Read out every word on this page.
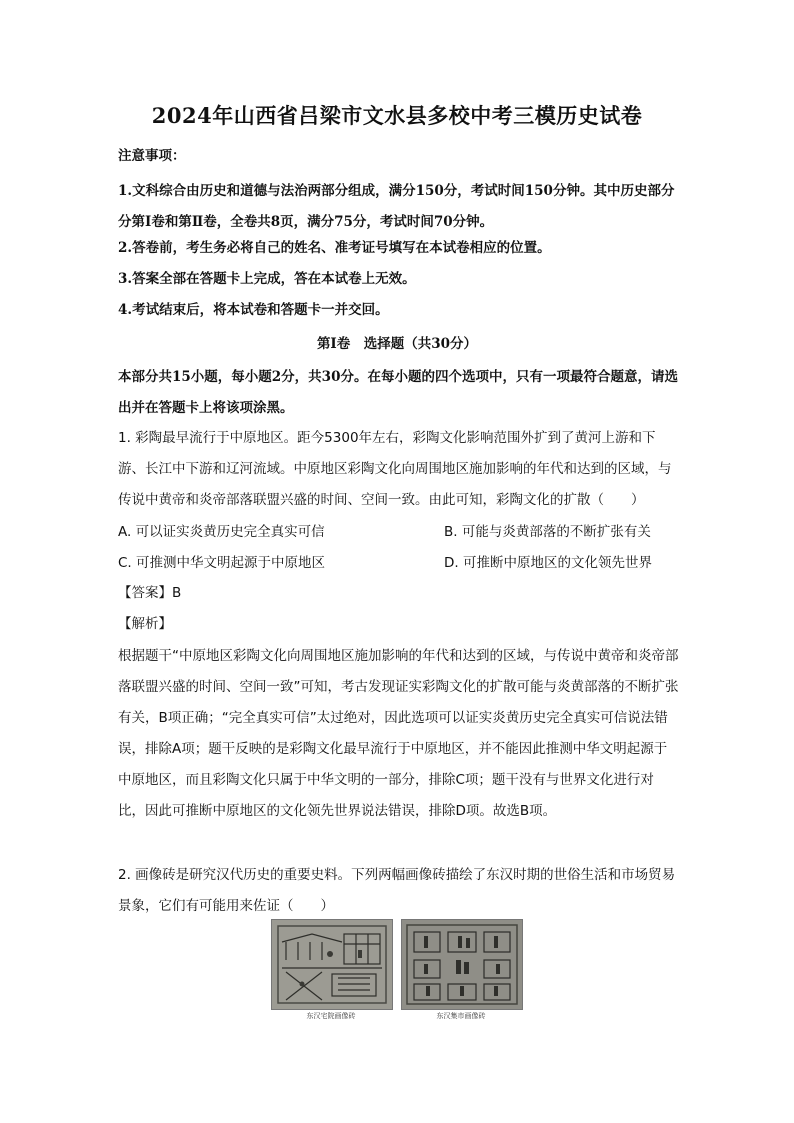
2024年山西省吕梁市文水县多校中考三模历史试卷
注意事项：
1.文科综合由历史和道德与法治两部分组成，满分150分，考试时间150分钟。其中历史部分分第Ⅰ卷和第Ⅱ卷，全卷共8页，满分75分，考试时间70分钟。
2.答卷前，考生务必将自己的姓名、准考证号填写在本试卷相应的位置。
3.答案全部在答题卡上完成，答在本试卷上无效。
4.考试结束后，将本试卷和答题卡一并交回。
第Ⅰ卷　选择题（共30分）
本部分共15小题，每小题2分，共30分。在每小题的四个选项中，只有一项最符合题意，请选出并在答题卡上将该项涂黑。
1. 彩陶最早流行于中原地区。距今5300年左右，彩陶文化影响范围外扩到了黄河上游和下游、长江中下游和辽河流域。中原地区彩陶文化向周围地区施加影响的年代和达到的区域，与传说中黄帝和炎帝部落联盟兴盛的时间、空间一致。由此可知，彩陶文化的扩散（　　）
A. 可以证实炎黄历史完全真实可信	B. 可能与炎黄部落的不断扩张有关
C. 可推测中华文明起源于中原地区	D. 可推断中原地区的文化领先世界
【答案】B
【解析】
根据题干“中原地区彩陶文化向周围地区施加影响的年代和达到的区域，与传说中黄帝和炎帝部落联盟兴盛的时间、空间一致”可知，考古发现证实彩陶文化的扩散可能与炎黄部落的不断扩张有关，B项正确；“完全真实可信”太过绝对，因此选项可以证实炎黄历史完全真实可信说法错误，排除A项；题干反映的是彩陶文化最早流行于中原地区，并不能因此推测中华文明起源于中原地区，而且彩陶文化只属于中华文明的一部分，排除C项；题干没有与世界文化进行对比，因此可推断中原地区的文化领先世界说法错误，排除D项。故选B项。
2. 画像砖是研究汉代历史的重要史料。下列两幅画像砖描绘了东汉时期的世俗生活和市场贸易景象，它们有可能用来佐证（　　）
东汉宅院画像砖	东汉集市画像砖
